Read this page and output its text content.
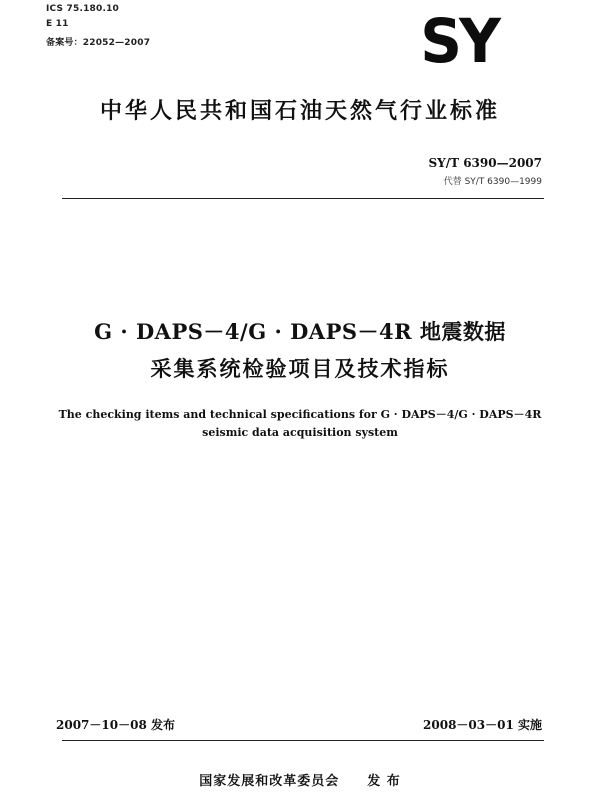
ICS 75.180.10
E 11
备案号：22052—2007	SY
中华人民共和国石油天然气行业标准
SY/T 6390—2007
代替 SY/T 6390—1999
G · DAPS－4/G · DAPS－4R 地震数据
采集系统检验项目及技术指标
The checking items and technical specifications for G · DAPS－4/G · DAPS－4R
seismic data acquisition system
2007－10－08 发布	2008－03－01 实施
国家发展和改革委员会　　发 布
